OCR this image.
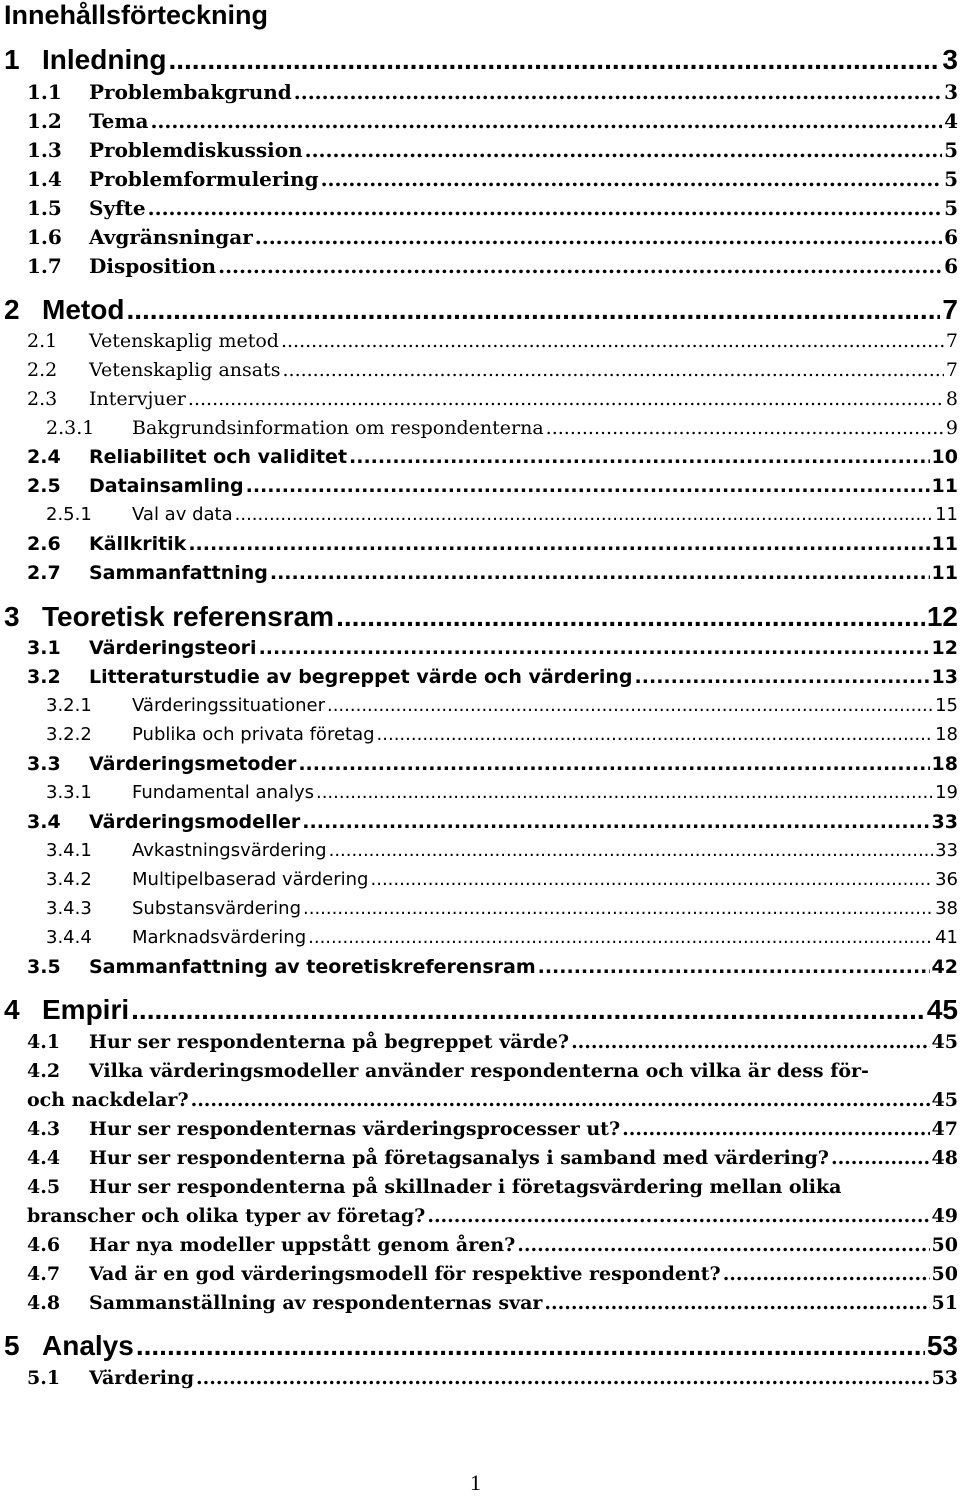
Innehållsförteckning
1 Inledning .....	3
1.1	Problembakgrund .....	3
1.2	Tema .....	4
1.3	Problemdiskussion .....	5
1.4	Problemformulering .....	5
1.5	Syfte .....	5
1.6	Avgränsningar .....	6
1.7	Disposition .....	6
2 Metod .....	7
2.1	Vetenskaplig metod .....	7
2.2	Vetenskaplig ansats .....	7
2.3	Intervjuer .....	8
2.3.1	Bakgrundsinformation om respondenterna .....	9
2.4	Reliabilitet och validitet .....	10
2.5	Datainsamling .....	11
2.5.1	Val av data .....	11
2.6	Källkritik .....	11
2.7	Sammanfattning .....	11
3 Teoretisk referensram .....	12
3.1	Värderingsteori .....	12
3.2	Litteraturstudie av begreppet värde och värdering .....	13
3.2.1	Värderingssituationer .....	15
3.2.2	Publika och privata företag .....	18
3.3	Värderingsmetoder .....	18
3.3.1	Fundamental analys .....	19
3.4	Värderingsmodeller .....	33
3.4.1	Avkastningsvärdering .....	33
3.4.2	Multipelbaserad värdering .....	36
3.4.3	Substansvärdering .....	38
3.4.4	Marknadsvärdering .....	41
3.5	Sammanfattning av teoretiskreferensram .....	42
4 Empiri .....	45
4.1	Hur ser respondenterna på begreppet värde? .....	45
4.2 Vilka värderingsmodeller använder respondenterna och vilka är dess för-
och nackdelar? .....	45
4.3	Hur ser respondenternas värderingsprocesser ut? .....	47
4.4	Hur ser respondenterna på företagsanalys i samband med värdering? .....	48
4.5 Hur ser respondenterna på skillnader i företagsvärdering mellan olika
branscher och olika typer av företag? .....	49
4.6	Har nya modeller uppstått genom åren? .....	50
4.7	Vad är en god värderingsmodell för respektive respondent? .....	50
4.8	Sammanställning av respondenternas svar .....	51
5 Analys .....	53
5.1	Värdering .....	53
1
